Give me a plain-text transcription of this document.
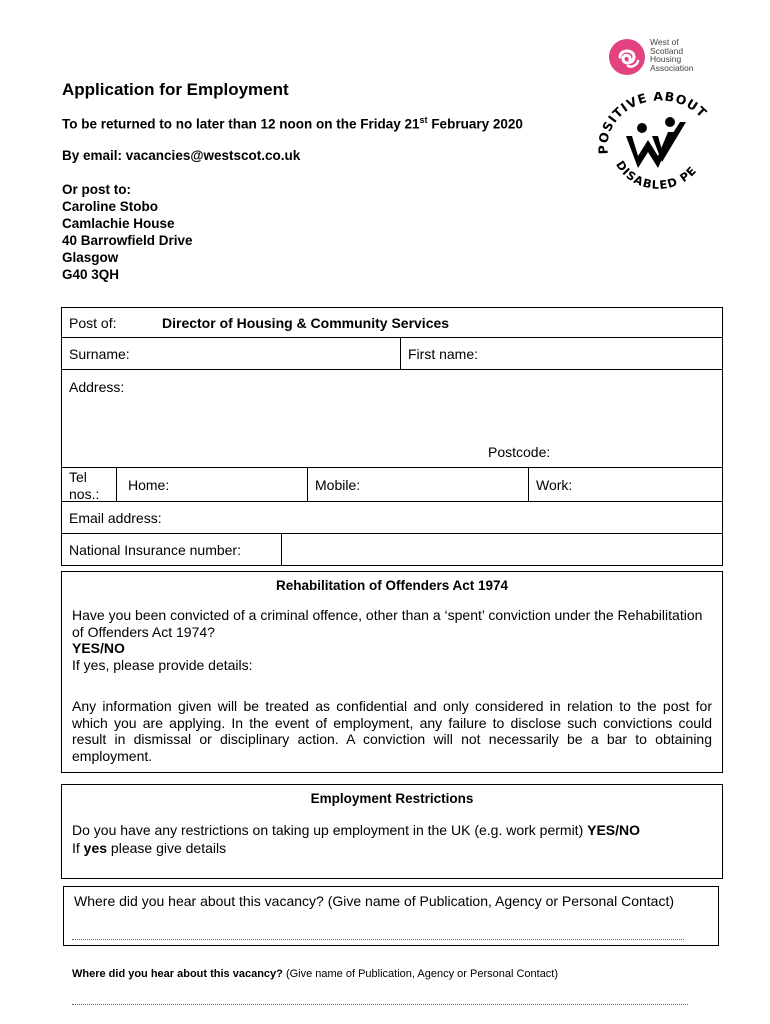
West of
Scotland
Housing
Association
POSITIVE ABOUT
DISABLED PE
Application for Employment
To be returned to no later than 12 noon on the Friday 21st February 2020
By email: vacancies@westscot.co.uk
Or post to:
Caroline Stobo
Camlachie House
40 Barrowfield Drive
Glasgow
G40 3QH
Post of:	Director of Housing & Community Services
Surname:	First name:
Address:
Postcode:
Tel
nos.:
Home:	Mobile:	Work:
Email address:
National Insurance number:
Rehabilitation of Offenders Act 1974
Have you been convicted of a criminal offence, other than a ‘spent’ conviction under the Rehabilitation of Offenders Act 1974?
YES/NO
If yes, please provide details:
Any information given will be treated as confidential and only considered in relation to the post for which you are applying. In the event of employment, any failure to disclose such convictions could result in dismissal or disciplinary action. A conviction will not necessarily be a bar to obtaining employment.
Employment Restrictions
Do you have any restrictions on taking up employment in the UK (e.g. work permit) YES/NO
If yes please give details
Where did you hear about this vacancy? (Give name of Publication, Agency or Personal Contact)
Where did you hear about this vacancy? (Give name of Publication, Agency or Personal Contact)
